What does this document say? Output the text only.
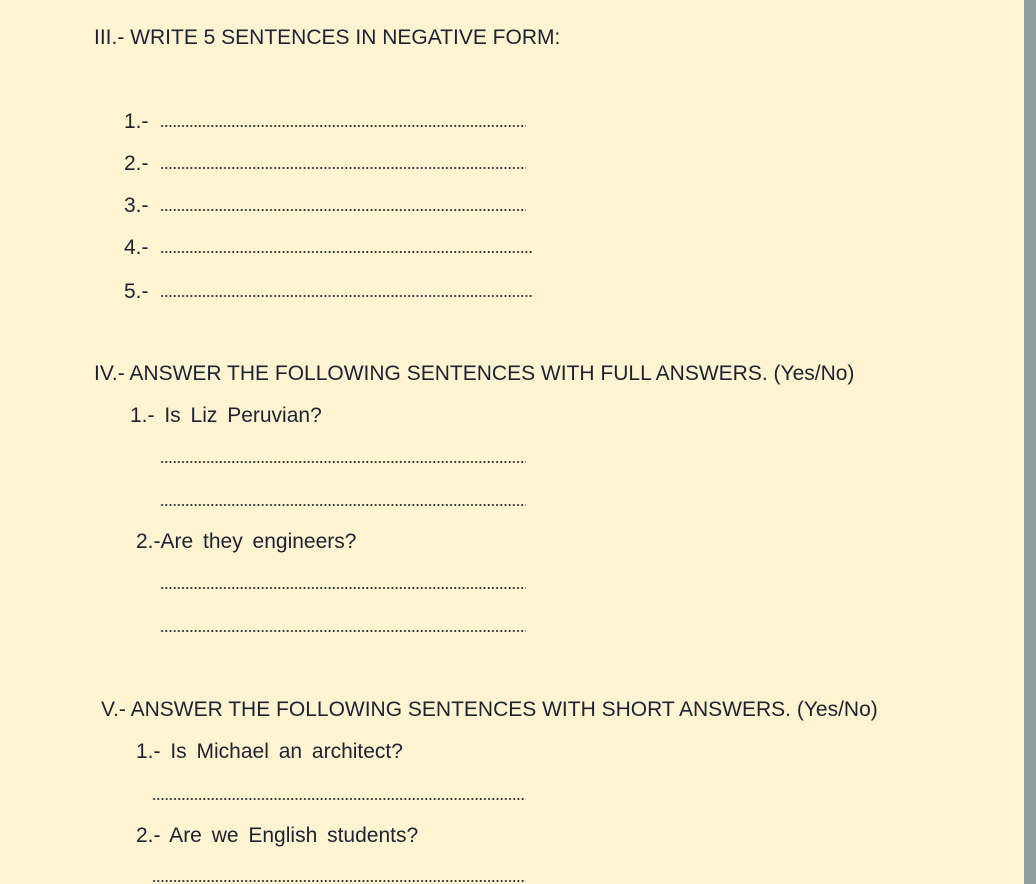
III.- WRITE 5 SENTENCES IN NEGATIVE FORM:
1.-
2.-
3.-
4.-
5.-
IV.- ANSWER THE FOLLOWING SENTENCES WITH FULL ANSWERS. (Yes/No)
1.- Is Liz Peruvian?
2.-Are they engineers?
V.- ANSWER THE FOLLOWING SENTENCES WITH SHORT ANSWERS. (Yes/No)
1.- Is Michael an architect?
2.- Are we English students?
